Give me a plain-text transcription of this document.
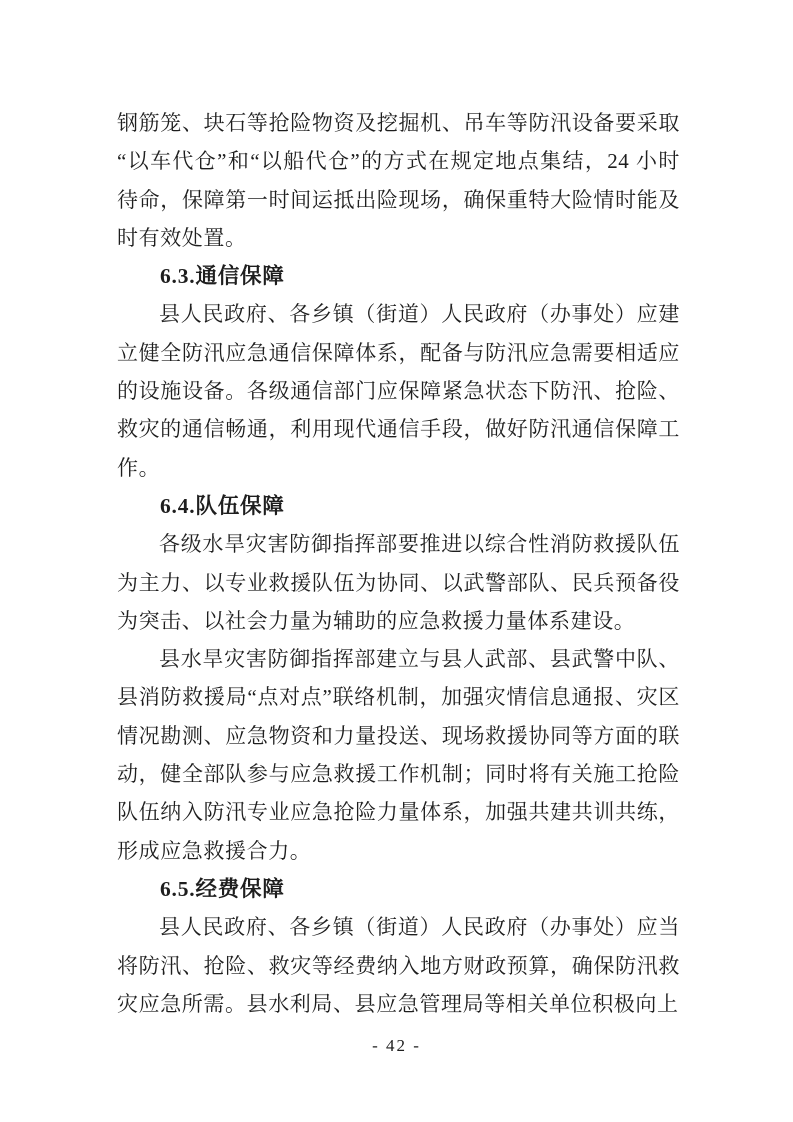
钢筋笼、块石等抢险物资及挖掘机、吊车等防汛设备要采取“以车代仓”和“以船代仓”的方式在规定地点集结，24 小时待命，保障第一时间运抵出险现场，确保重特大险情时能及时有效处置。

6.3.通信保障

县人民政府、各乡镇（街道）人民政府（办事处）应建立健全防汛应急通信保障体系，配备与防汛应急需要相适应的设施设备。各级通信部门应保障紧急状态下防汛、抢险、救灾的通信畅通，利用现代通信手段，做好防汛通信保障工作。

6.4.队伍保障

各级水旱灾害防御指挥部要推进以综合性消防救援队伍为主力、以专业救援队伍为协同、以武警部队、民兵预备役为突击、以社会力量为辅助的应急救援力量体系建设。

县水旱灾害防御指挥部建立与县人武部、县武警中队、县消防救援局“点对点”联络机制，加强灾情信息通报、灾区情况勘测、应急物资和力量投送、现场救援协同等方面的联动，健全部队参与应急救援工作机制；同时将有关施工抢险队伍纳入防汛专业应急抢险力量体系，加强共建共训共练，形成应急救援合力。

6.5.经费保障

县人民政府、各乡镇（街道）人民政府（办事处）应当将防汛、抢险、救灾等经费纳入地方财政预算，确保防汛救灾应急所需。县水利局、县应急管理局等相关单位积极向上

- 42 -
